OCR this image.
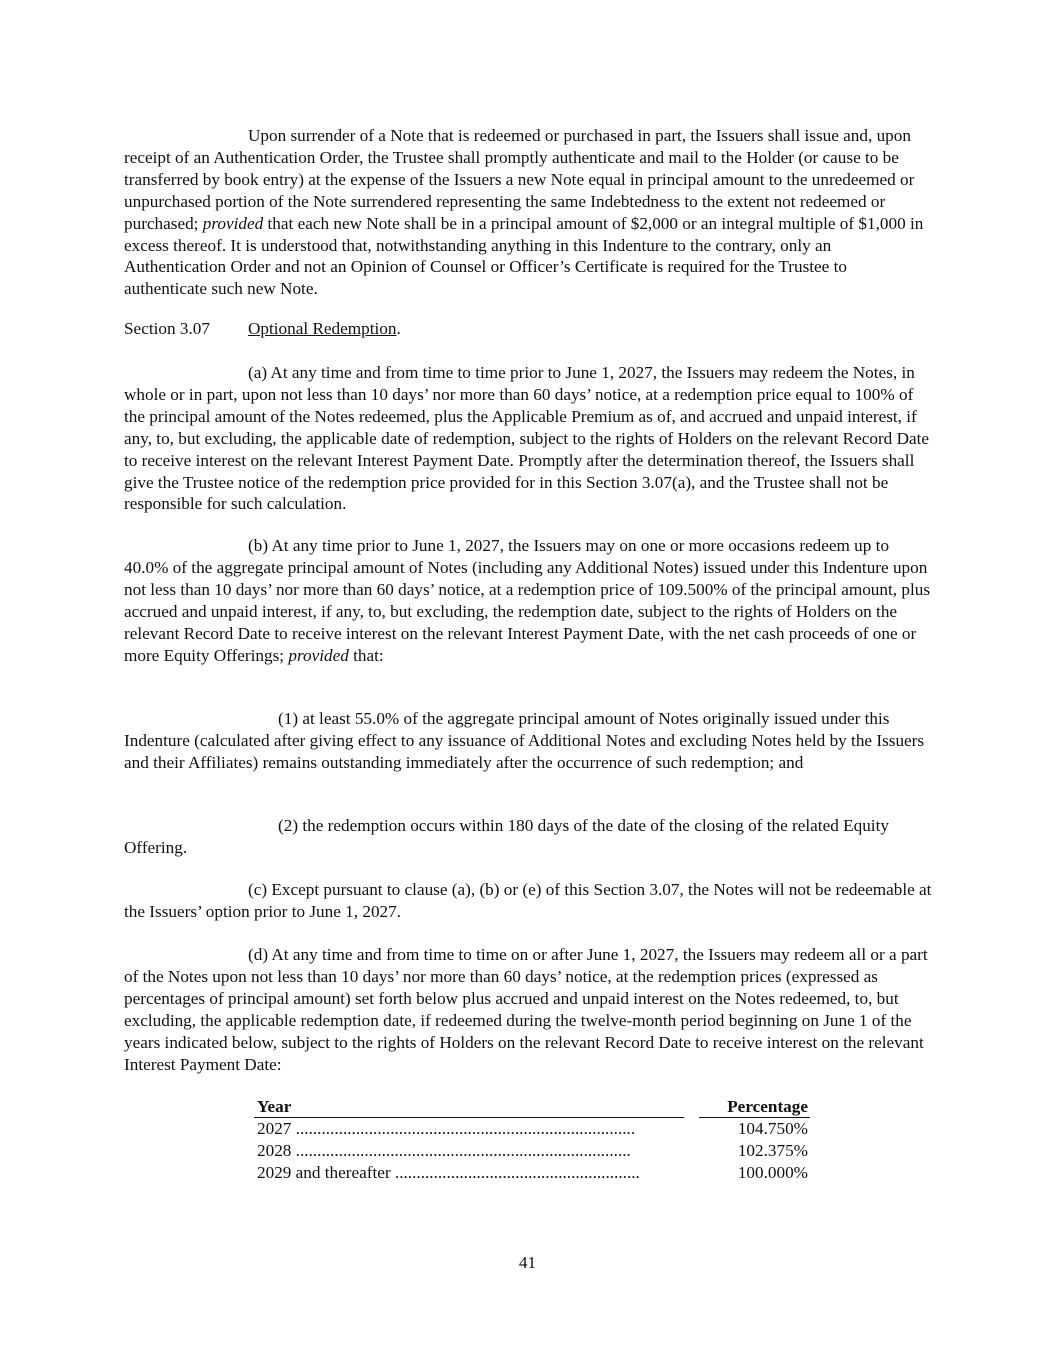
Upon surrender of a Note that is redeemed or purchased in part, the Issuers shall issue and, upon receipt of an Authentication Order, the Trustee shall promptly authenticate and mail to the Holder (or cause to be transferred by book entry) at the expense of the Issuers a new Note equal in principal amount to the unredeemed or unpurchased portion of the Note surrendered representing the same Indebtedness to the extent not redeemed or purchased; provided that each new Note shall be in a principal amount of $2,000 or an integral multiple of $1,000 in excess thereof. It is understood that, notwithstanding anything in this Indenture to the contrary, only an Authentication Order and not an Opinion of Counsel or Officer’s Certificate is required for the Trustee to authenticate such new Note.

Section 3.07 Optional Redemption.

(a) At any time and from time to time prior to June 1, 2027, the Issuers may redeem the Notes, in whole or in part, upon not less than 10 days’ nor more than 60 days’ notice, at a redemption price equal to 100% of the principal amount of the Notes redeemed, plus the Applicable Premium as of, and accrued and unpaid interest, if any, to, but excluding, the applicable date of redemption, subject to the rights of Holders on the relevant Record Date to receive interest on the relevant Interest Payment Date. Promptly after the determination thereof, the Issuers shall give the Trustee notice of the redemption price provided for in this Section 3.07(a), and the Trustee shall not be responsible for such calculation.

(b) At any time prior to June 1, 2027, the Issuers may on one or more occasions redeem up to 40.0% of the aggregate principal amount of Notes (including any Additional Notes) issued under this Indenture upon not less than 10 days’ nor more than 60 days’ notice, at a redemption price of 109.500% of the principal amount, plus accrued and unpaid interest, if any, to, but excluding, the redemption date, subject to the rights of Holders on the relevant Record Date to receive interest on the relevant Interest Payment Date, with the net cash proceeds of one or more Equity Offerings; provided that:

(1) at least 55.0% of the aggregate principal amount of Notes originally issued under this Indenture (calculated after giving effect to any issuance of Additional Notes and excluding Notes held by the Issuers and their Affiliates) remains outstanding immediately after the occurrence of such redemption; and

(2) the redemption occurs within 180 days of the date of the closing of the related Equity Offering.

(c) Except pursuant to clause (a), (b) or (e) of this Section 3.07, the Notes will not be redeemable at the Issuers’ option prior to June 1, 2027.

(d) At any time and from time to time on or after June 1, 2027, the Issuers may redeem all or a part of the Notes upon not less than 10 days’ nor more than 60 days’ notice, at the redemption prices (expressed as percentages of principal amount) set forth below plus accrued and unpaid interest on the Notes redeemed, to, but excluding, the applicable redemption date, if redeemed during the twelve-month period beginning on June 1 of the years indicated below, subject to the rights of Holders on the relevant Record Date to receive interest on the relevant Interest Payment Date:

Year	Percentage
2027 ...............................................................................	104.750%
2028 ..............................................................................	102.375%
2029 and thereafter .........................................................	100.000%
41
